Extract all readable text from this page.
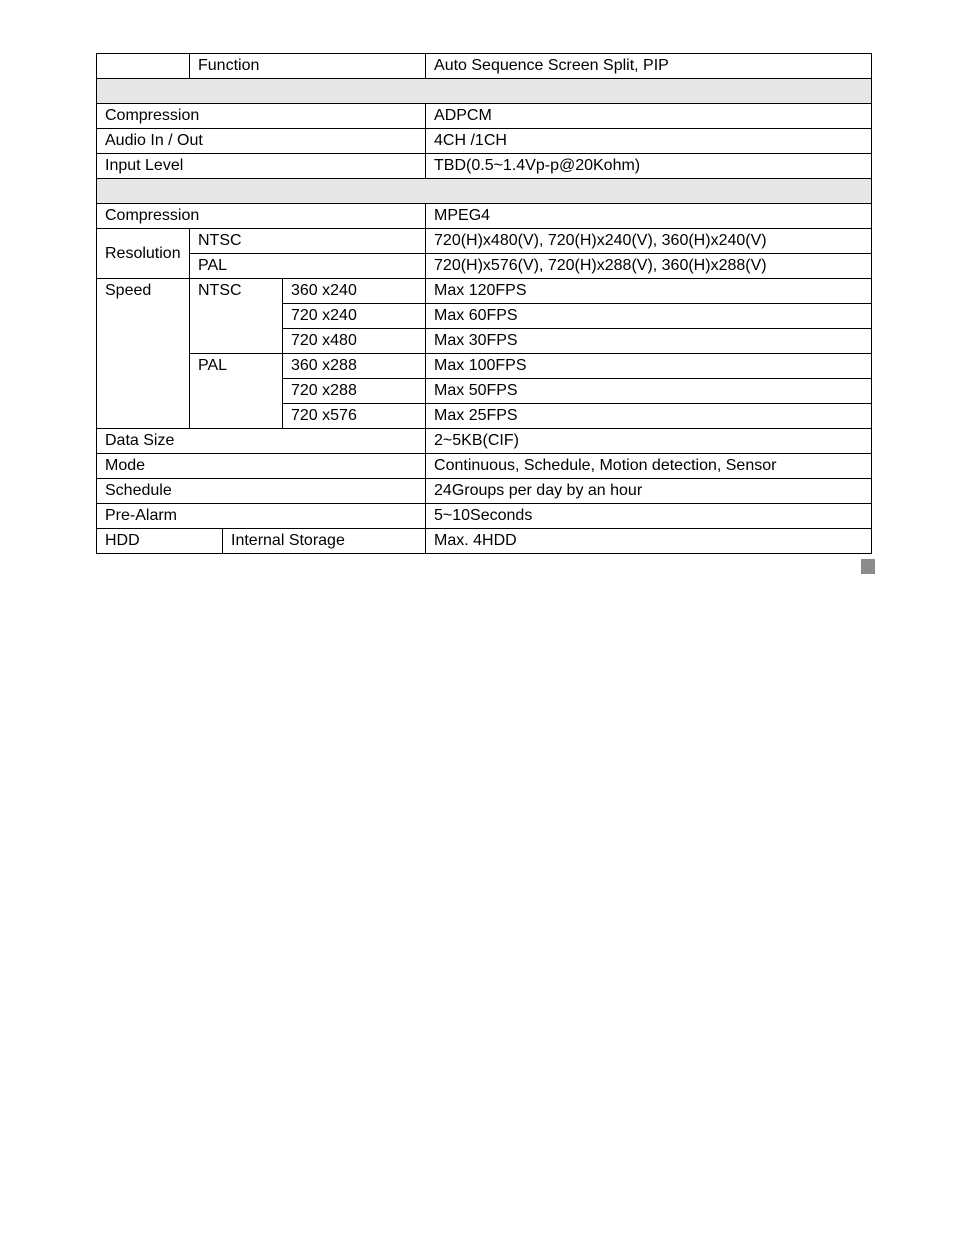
	Function			Auto Sequence Screen Split, PIP

Compression				ADPCM
Audio In / Out				4CH /1CH
Input Level				TBD(0.5~1.4Vp-p@20Kohm)

Compression				MPEG4
Resolution	NTSC			720(H)x480(V), 720(H)x240(V), 360(H)x240(V)
	PAL			720(H)x576(V), 720(H)x288(V), 360(H)x288(V)
Speed	NTSC		360 x240	Max 120FPS
			720 x240	Max 60FPS
			720 x480	Max 30FPS
	PAL		360 x288	Max 100FPS
			720 x288	Max 50FPS
			720 x576	Max 25FPS
Data Size				2~5KB(CIF)
Mode				Continuous, Schedule, Motion detection, Sensor
Schedule				24Groups per day by an hour
Pre-Alarm				5~10Seconds
HDD		Internal Storage		Max. 4HDD
